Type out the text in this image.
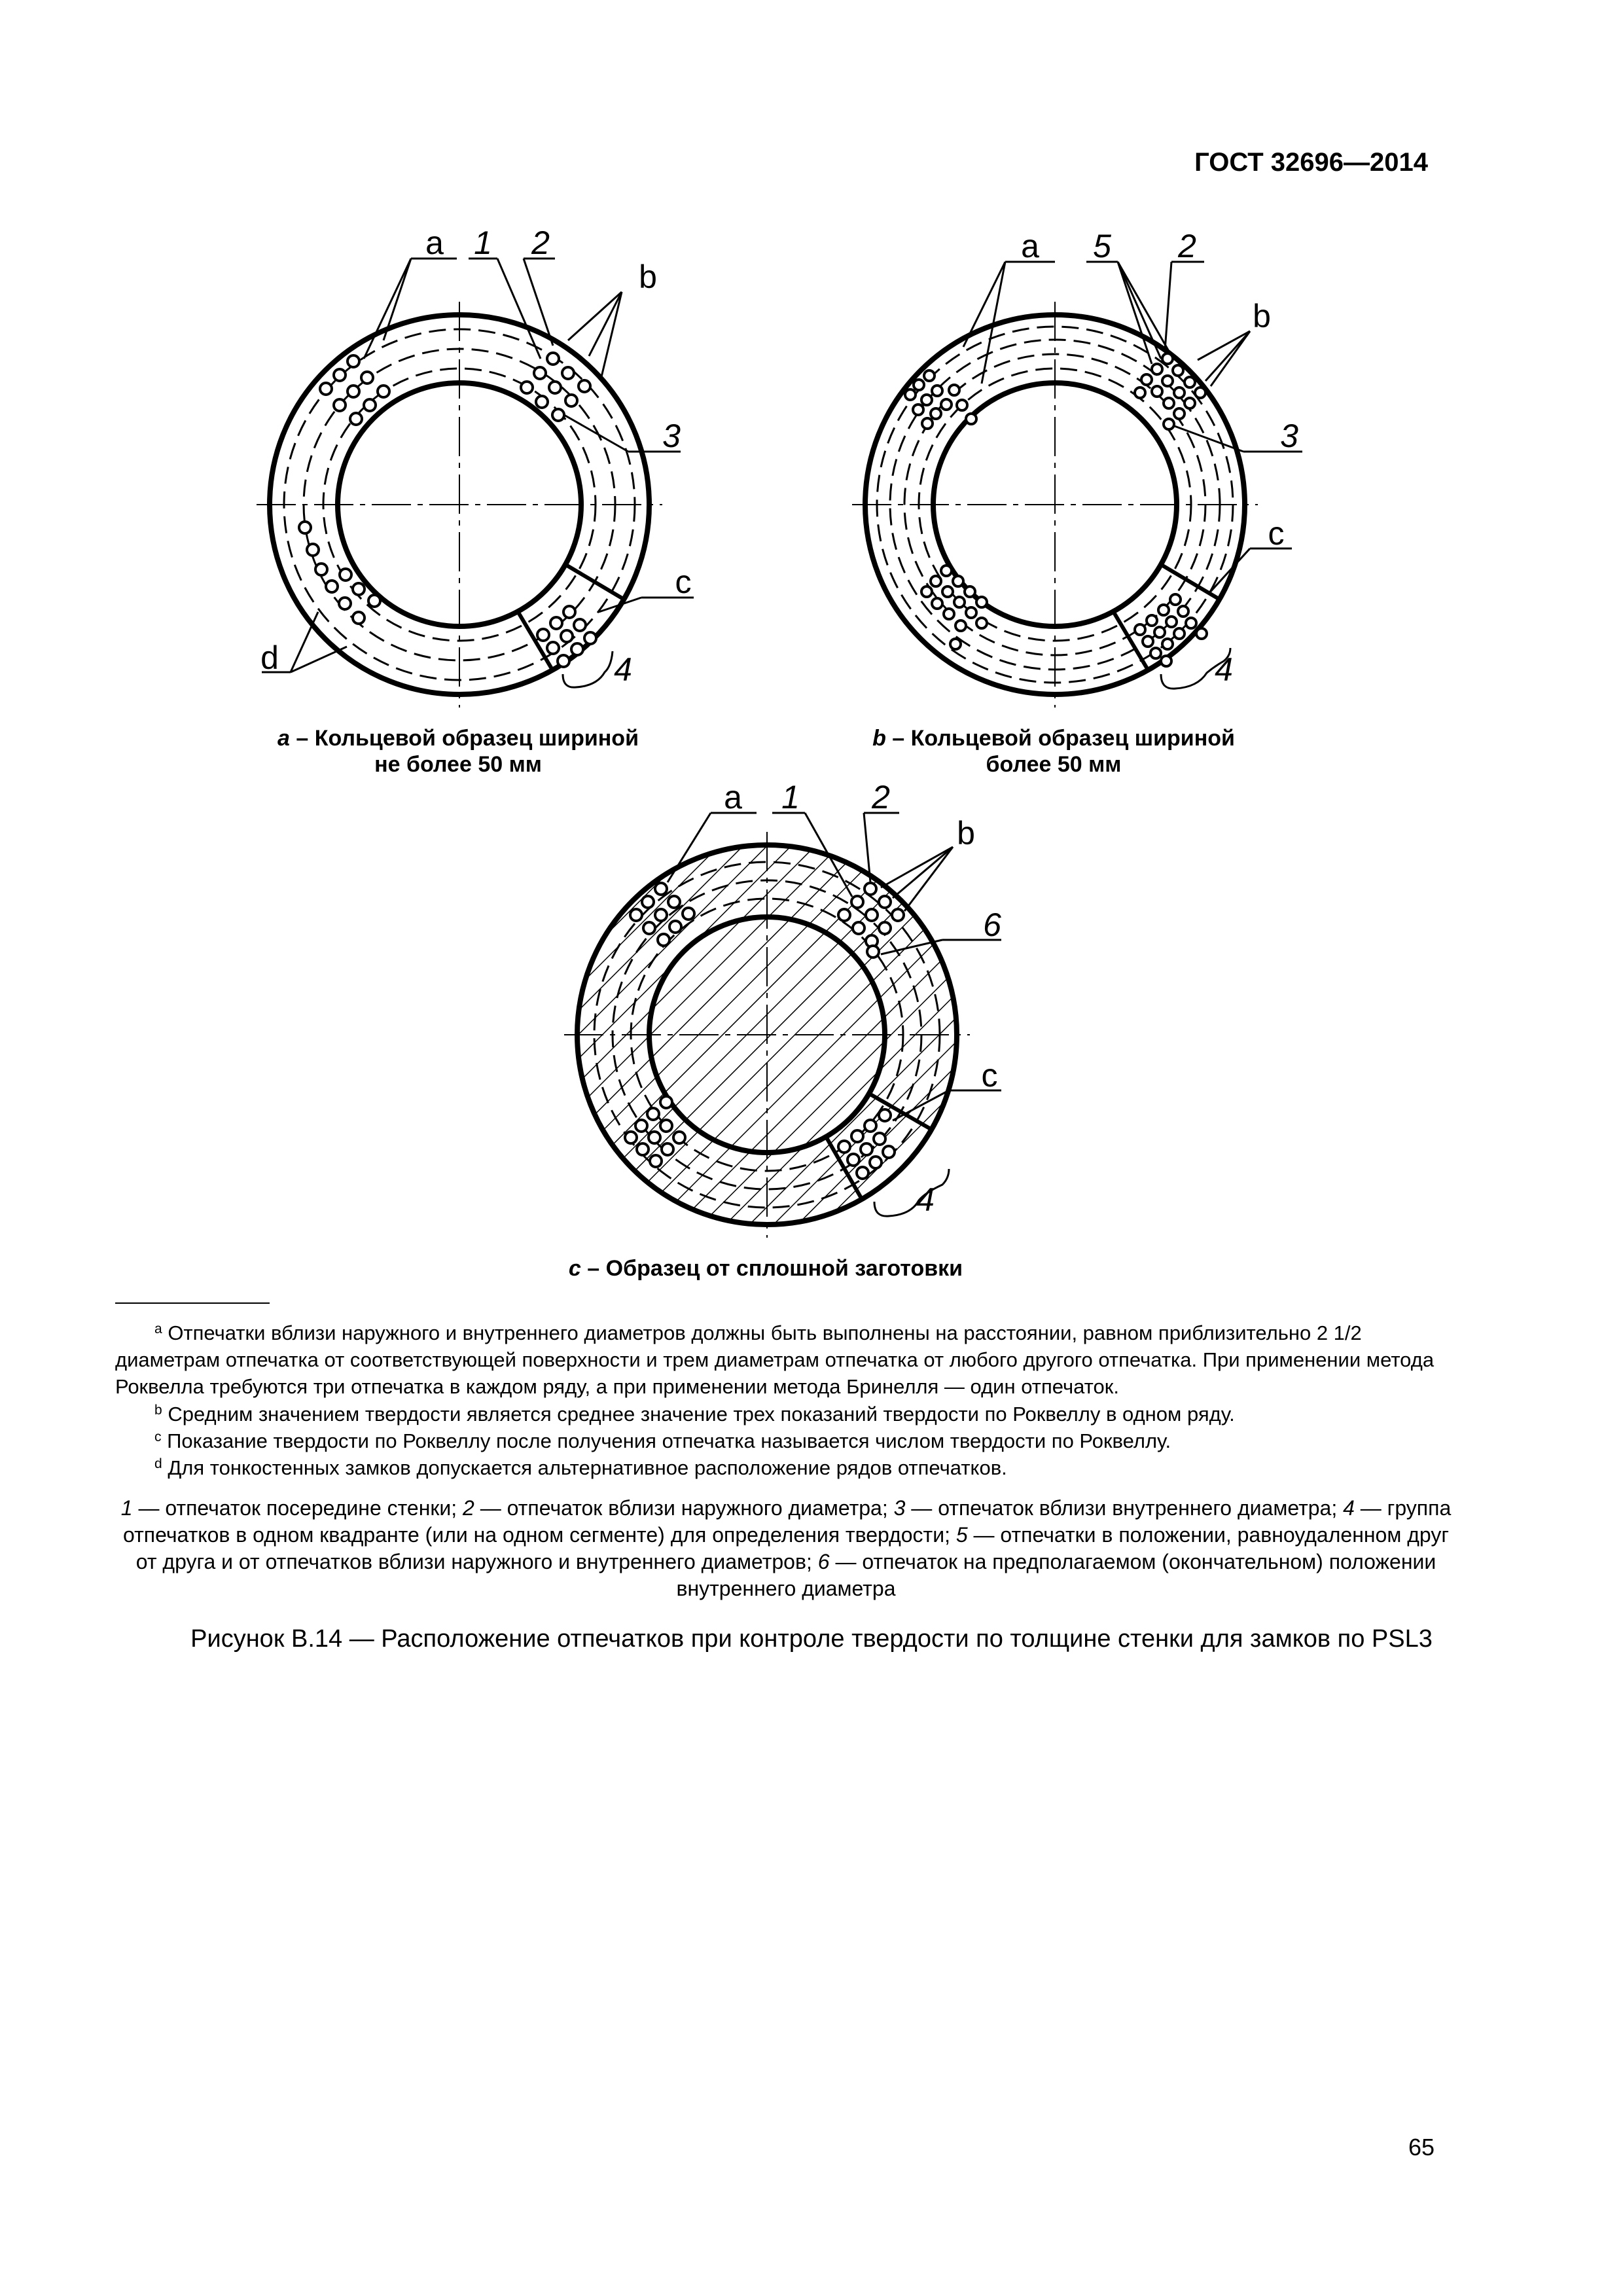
ГОСТ 32696—2014
a 1 2
b
3
c
d	4
a 5 2
b
3
c
4
a 1 2
b
6
c
4
a – Кольцевой образец шириной
не более 50 мм
b – Кольцевой образец шириной
более 50 мм
c – Образец от сплошной заготовки
$^a$ Отпечатки вблизи наружного и внутреннего диаметров должны быть выполнены на расстоянии, равном приблизительно 2 1/2 диаметрам отпечатка от соответствующей поверхности и трем диаметрам отпечатка от любого другого отпечатка. При применении метода Роквелла требуются три отпечатка в каждом ряду, а при применении метода Бринелля — один отпечаток.
$^b$ Средним значением твердости является среднее значение трех показаний твердости по Роквеллу в одном ряду.
$^c$ Показание твердости по Роквеллу после получения отпечатка называется числом твердости по Роквеллу.
$^d$ Для тонкостенных замков допускается альтернативное расположение рядов отпечатков.
1 — отпечаток посередине стенки; 2 — отпечаток вблизи наружного диаметра; 3 — отпечаток вблизи внутреннего диаметра; 4 — группа отпечатков в одном квадранте (или на одном сегменте) для определения твердости; 5 — отпечатки в положении, равноудаленном друг от друга и от отпечатков вблизи наружного и внутреннего диаметров; 6 — отпечаток на предполагаемом (окончательном) положении внутреннего диаметра
Рисунок В.14 — Расположение отпечатков при контроле твердости по толщине стенки для замков по PSL3
65
